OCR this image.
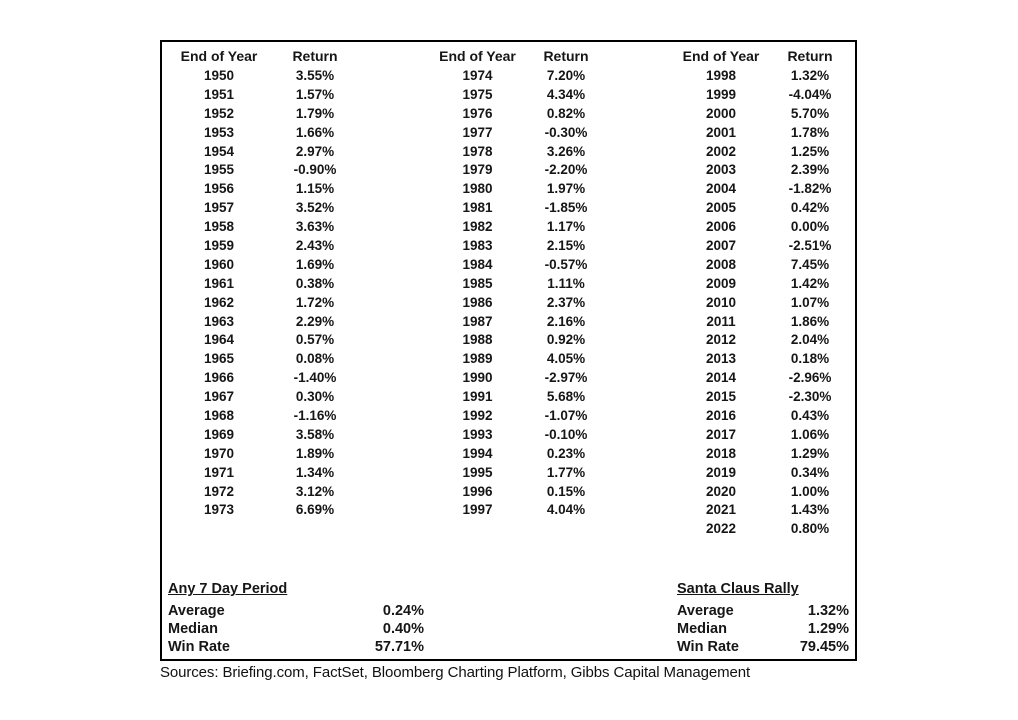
End of Year	Return
1950	3.55%
1951	1.57%
1952	1.79%
1953	1.66%
1954	2.97%
1955	-0.90%
1956	1.15%
1957	3.52%
1958	3.63%
1959	2.43%
1960	1.69%
1961	0.38%
1962	1.72%
1963	2.29%
1964	0.57%
1965	0.08%
1966	-1.40%
1967	0.30%
1968	-1.16%
1969	3.58%
1970	1.89%
1971	1.34%
1972	3.12%
1973	6.69%
End of Year	Return
1974	7.20%
1975	4.34%
1976	0.82%
1977	-0.30%
1978	3.26%
1979	-2.20%
1980	1.97%
1981	-1.85%
1982	1.17%
1983	2.15%
1984	-0.57%
1985	1.11%
1986	2.37%
1987	2.16%
1988	0.92%
1989	4.05%
1990	-2.97%
1991	5.68%
1992	-1.07%
1993	-0.10%
1994	0.23%
1995	1.77%
1996	0.15%
1997	4.04%
End of Year	Return
1998	1.32%
1999	-4.04%
2000	5.70%
2001	1.78%
2002	1.25%
2003	2.39%
2004	-1.82%
2005	0.42%
2006	0.00%
2007	-2.51%
2008	7.45%
2009	1.42%
2010	1.07%
2011	1.86%
2012	2.04%
2013	0.18%
2014	-2.96%
2015	-2.30%
2016	0.43%
2017	1.06%
2018	1.29%
2019	0.34%
2020	1.00%
2021	1.43%
2022	0.80%
Any 7 Day Period
Average	0.24%
Median	0.40%
Win Rate	57.71%
Santa Claus Rally
Average	1.32%
Median	1.29%
Win Rate	79.45%
Sources: Briefing.com, FactSet, Bloomberg Charting Platform, Gibbs Capital Management
